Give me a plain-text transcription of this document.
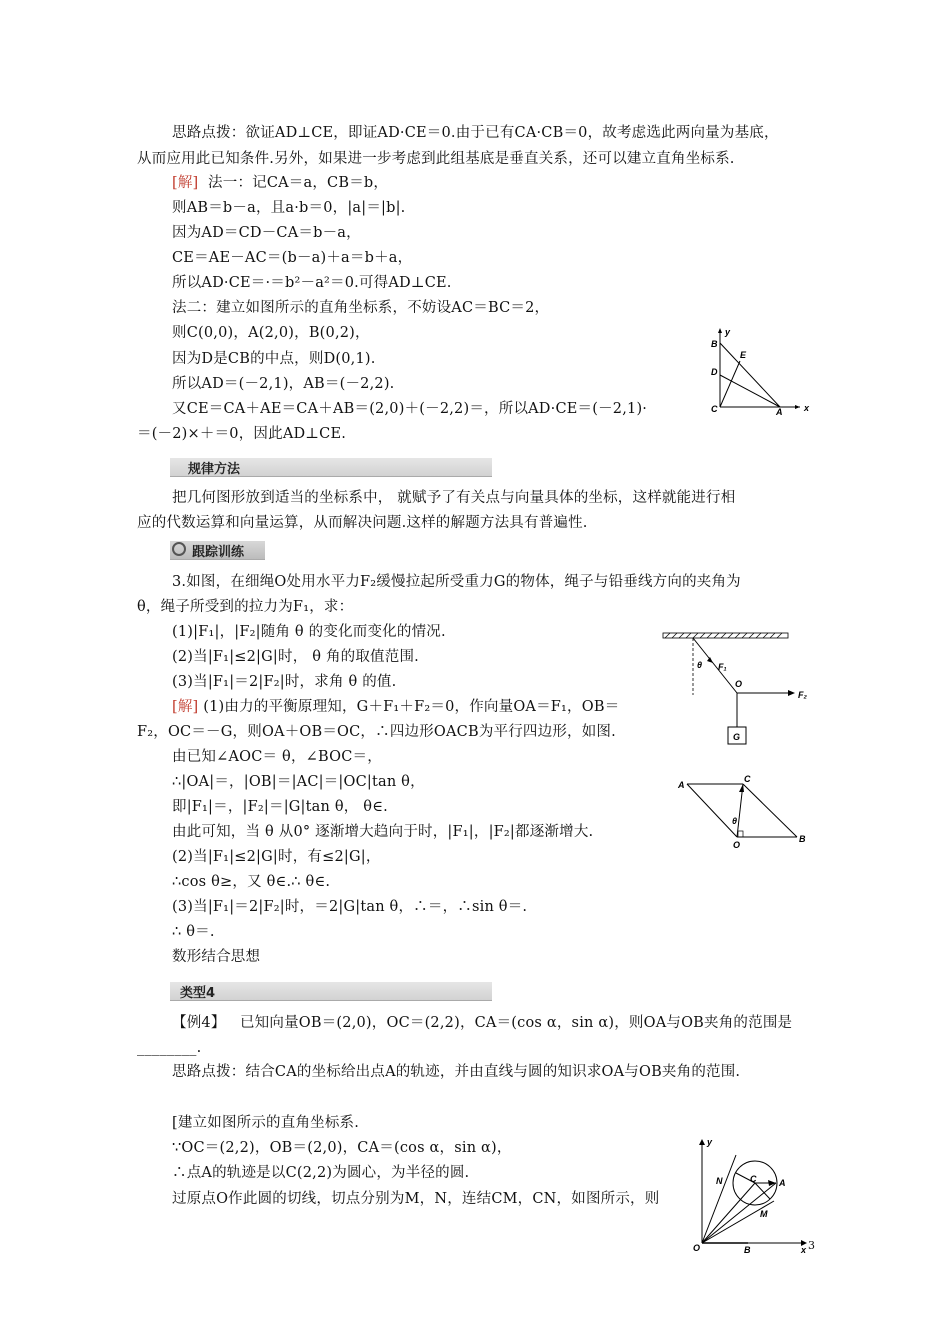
思路点拨：欲证AD⊥CE，即证AD·CE＝0.由于已有CA·CB＝0，故考虑选此两向量为基底，
从而应用此已知条件.另外，如果进一步考虑到此组基底是垂直关系，还可以建立直角坐标系.
[解] 法一：记CA＝a，CB＝b，
则AB＝b－a，且a·b＝0，|a|＝|b|.
因为AD＝CD－CA＝b－a，
CE＝AE－AC＝(b－a)＋a＝b＋a，
所以AD·CE＝·＝b²－a²＝0.可得AD⊥CE.
法二：建立如图所示的直角坐标系，不妨设AC＝BC＝2，
则C(0,0)，A(2,0)，B(0,2)，
因为D是CB的中点，则D(0,1).
所以AD＝(－2,1)，AB＝(－2,2).
又CE＝CA＋AE＝CA＋AB＝(2,0)＋(－2,2)＝，所以AD·CE＝(－2,1)·
＝(－2)×＋＝0，因此AD⊥CE.
y
x
B
E
D
C	A
规律方法
把几何图形放到适当的坐标系中， 就赋予了有关点与向量具体的坐标，这样就能进行相
应的代数运算和向量运算，从而解决问题.这样的解题方法具有普遍性.
跟踪训练
3.如图，在细绳O处用水平力F₂缓慢拉起所受重力G的物体，绳子与铅垂线方向的夹角为
θ，绳子所受到的拉力为F₁，求：
(1)|F₁|，|F₂|随角 θ 的变化而变化的情况.
(2)当|F₁|≤2|G|时， θ 角的取值范围.
(3)当|F₁|＝2|F₂|时，求角 θ 的值.
[解] (1)由力的平衡原理知，G＋F₁＋F₂＝0，作向量OA＝F₁，OB＝
F₂，OC＝－G，则OA＋OB＝OC，∴四边形OACB为平行四边形，如图.
由已知∠AOC＝ θ，∠BOC＝，
∴|OA|＝，|OB|＝|AC|＝|OC|tan θ，
即|F₁|＝，|F₂|＝|G|tan θ， θ∈.
由此可知，当 θ 从0° 逐渐增大趋向于时，|F₁|，|F₂|都逐渐增大.
(2)当|F₁|≤2|G|时，有≤2|G|，
∴cos θ≥，又 θ∈.∴ θ∈.
(3)当|F₁|＝2|F₂|时，＝2|G|tan θ，∴＝，∴sin θ＝.
∴ θ＝.
数形结合思想
θ F₁
O
F₂
G
A
C
θ
O
B
类型4
【例4】 已知向量OB＝(2,0)，OC＝(2,2)，CA＝(cos α，sin α)，则OA与OB夹角的范围是
________.
思路点拨：结合CA的坐标给出点A的轨迹，并由直线与圆的知识求OA与OB夹角的范围.
[建立如图所示的直角坐标系.
∵OC＝(2,2)，OB＝(2,0)，CA＝(cos α，sin α)，
∴点A的轨迹是以C(2,2)为圆心，为半径的圆.
过原点O作此圆的切线，切点分别为M，N，连结CM，CN，如图所示，则
y
N	C	A
M
O	B	x 3
